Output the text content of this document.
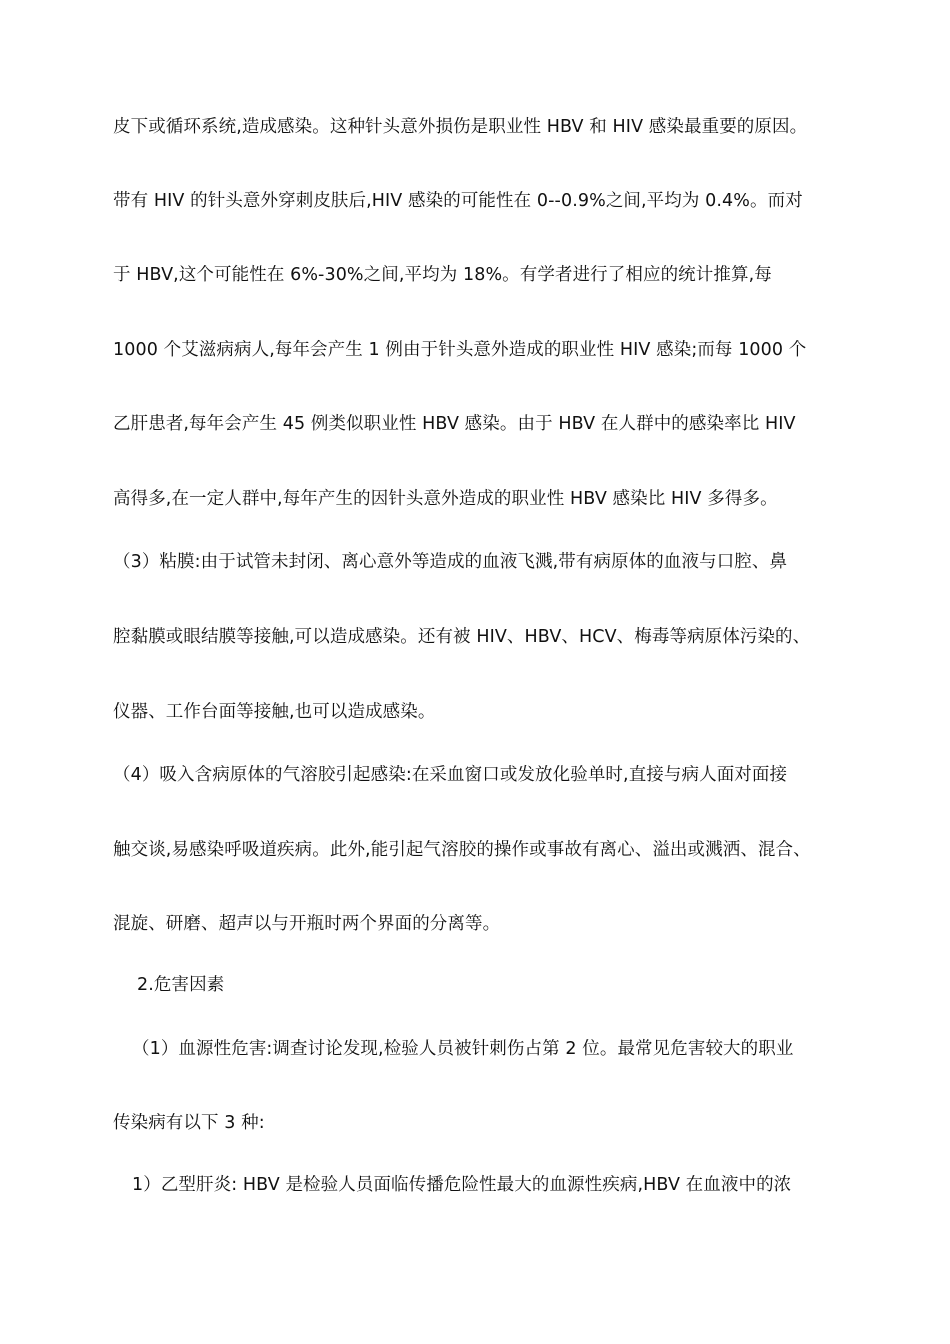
皮下或循环系统,造成感染。这种针头意外损伤是职业性 HBV 和 HIV 感染最重要的原因。
带有 HIV 的针头意外穿刺皮肤后,HIV 感染的可能性在 0--0.9%之间,平均为 0.4%。而对
于 HBV,这个可能性在 6%-30%之间,平均为 18%。有学者进行了相应的统计推算,每
1000 个艾滋病病人,每年会产生 1 例由于针头意外造成的职业性 HIV 感染;而每 1000 个
乙肝患者,每年会产生 45 例类似职业性 HBV 感染。由于 HBV 在人群中的感染率比 HIV
高得多,在一定人群中,每年产生的因针头意外造成的职业性 HBV 感染比 HIV 多得多。
（3）粘膜:由于试管未封闭、离心意外等造成的血液飞溅,带有病原体的血液与口腔、鼻
腔黏膜或眼结膜等接触,可以造成感染。还有被 HIV、HBV、HCV、梅毒等病原体污染的、
仪器、工作台面等接触,也可以造成感染。
（4）吸入含病原体的气溶胶引起感染:在采血窗口或发放化验单时,直接与病人面对面接
触交谈,易感染呼吸道疾病。此外,能引起气溶胶的操作或事故有离心、溢出或溅洒、混合、
混旋、研磨、超声以与开瓶时两个界面的分离等。
2.危害因素
（1）血源性危害:调查讨论发现,检验人员被针刺伤占第 2 位。最常见危害较大的职业
传染病有以下 3 种:
1）乙型肝炎: HBV 是检验人员面临传播危险性最大的血源性疾病,HBV 在血液中的浓
